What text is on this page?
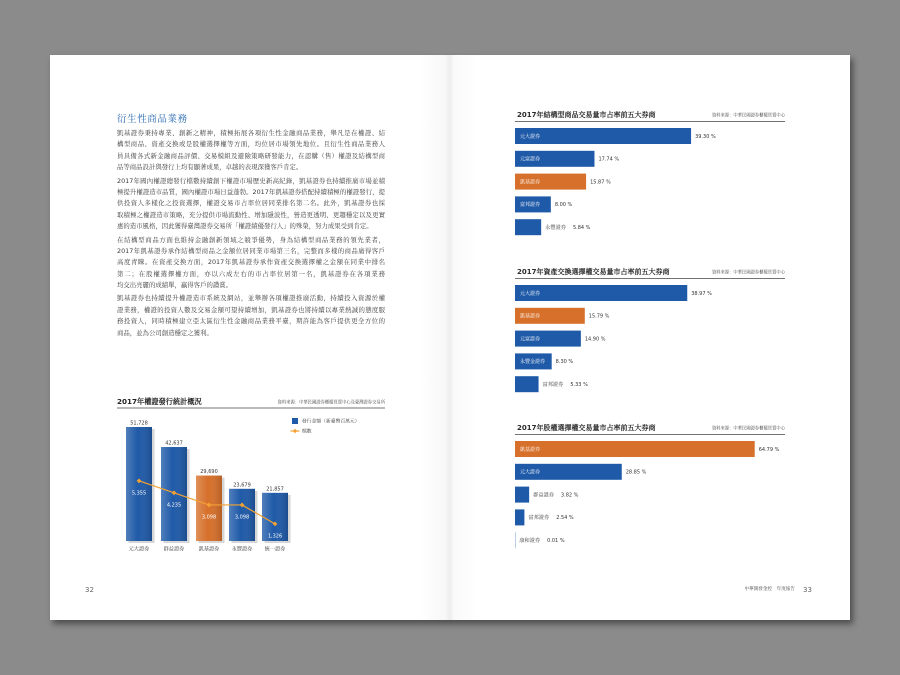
衍生性商品業務
凱基證券秉持專業、創新之精神，積極拓展各項衍生性金融商品業務，舉凡是在權證、結
構型商品、資產交換或是股權選擇權等方面，均位居市場領先地位。且衍生性商品業務人
員具備各式新金融商品評價、交易模組及避險策略研發能力，在認購（售）權證及結構型商
品等商品設計與發行上均有顯著成果，卓越的表現深獲客戶肯定。
2017年國內權證總發行檔數持續創下權證市場歷史新高紀錄，凱基證券也持續推廣市場並積
極提升權證造市品質，國內權證市場日益蓬勃。2017年凱基證券搭配持續積極的權證發行，提
供投資人多樣化之投資選擇，權證交易市占率位居同業排名第二名。此外，凱基證券也採
取積極之權證造市策略，充分提供市場流動性、增加隱波性，營造更透明、更趨穩定以及更實
惠的造市風格，因此獲得臺灣證券交易所「權證績優發行人」的殊榮，努力成果受到肯定。
在結構型商品方面也維持金融創新領域之競爭優勢，身為結構型商品業務的領先業者，
2017年凱基證券承作結構型商品之金額位居同業市場第三名，完整而多樣的商品廣得客戶
高度青睞。在資產交換方面，2017年凱基證券承作資產交換選擇權之金額在同業中排名
第二；在股權選擇權方面，亦以六成左右的市占率位居第一名，凱基證券在各項業務
均交出亮麗的成績單，贏得客戶的讚賞。
凱基證券也持續提升權證造市系統及網站，並舉辦各項權證推廣活動，持續投入資源於權
證業務，權證的投資人數及交易金額可望持續增加，凱基證券也將持續以專業熱誠的態度服
務投資人，同時積極建立亞太區衍生性金融商品業務平臺，期許能為客戶提供更全方位的
商品，並為公司創造穩定之獲利。
2017年權證發行統計概況	資料來源：中華民國證券櫃檯買賣中心及臺灣證券交易所
發行金額（新臺幣百萬元）
檔數
51,728
元大證券
42,637
群益證券
29,690
凱基證券
23,679
永豐證券
21,857
統一證券
5,355
4,235
3,098	3,098
1,326
32
2017年結構型商品交易量市占率前五大券商	資料來源：中華民國證券櫃檯買賣中心
元大證券	39.30 %
元富證券	17.74 %
凱基證券	15.87 %
富邦證券	8.00 %
永豐證券 5.84 %
2017年資產交換選擇權交易量市占率前五大券商	資料來源：中華民國證券櫃檯買賣中心
元大證券	38.97 %
凱基證券	15.79 %
元富證券	14.90 %
永豐金證券 8.30 %
富邦證券 5.33 %
2017年股權選擇權交易量市占率前五大券商	資料來源：中華民國證券櫃檯買賣中心
凱基證券	64.79 %
元大證券	28.85 %
群益證券 3.82 %
富邦證券 2.54 %
康和證券 0.01 %
中華開發金控　年度報告 33
